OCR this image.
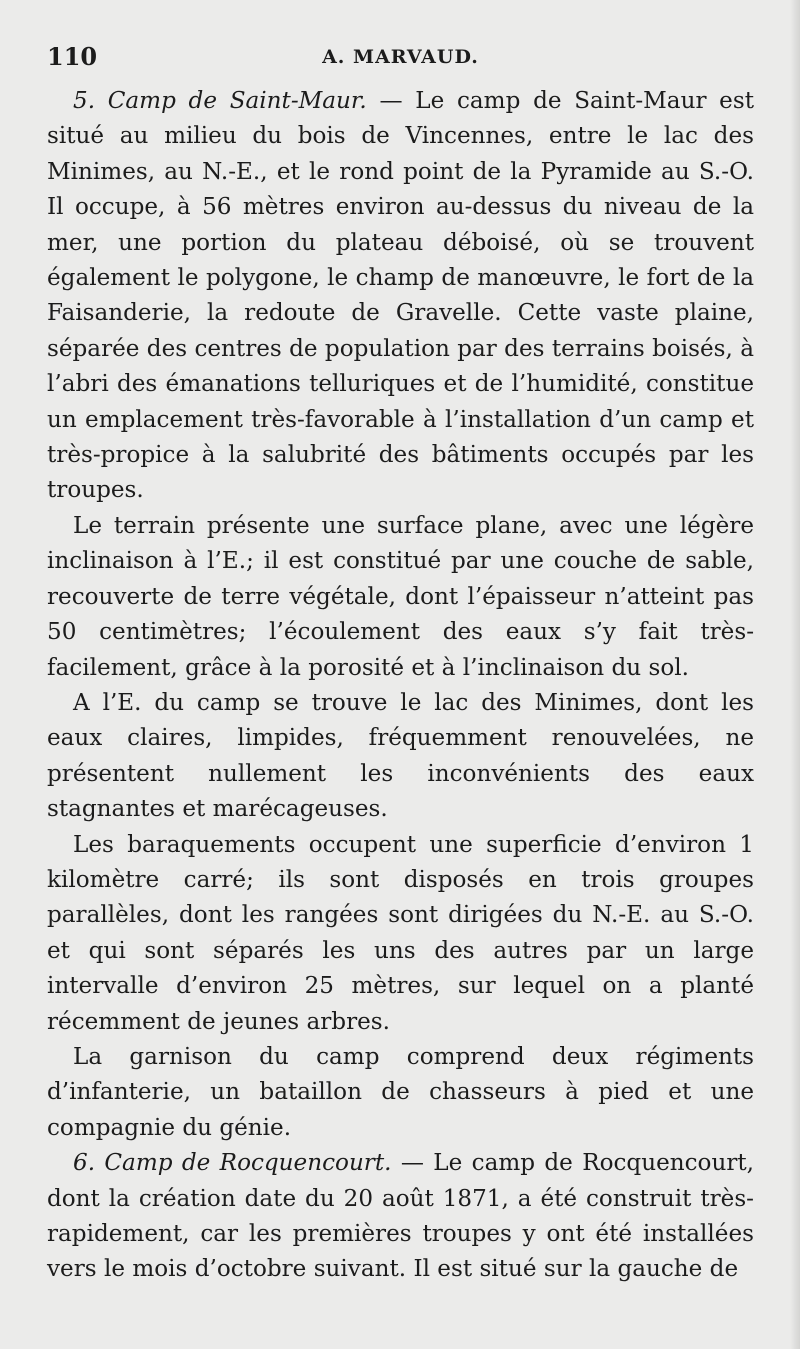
110	A. MARVAUD.

5. Camp de Saint-Maur. — Le camp de Saint-Maur est situé au milieu du bois de Vincennes, entre le lac des Minimes, au N.-E., et le rond point de la Pyramide au S.-O. Il occupe, à 56 mètres environ au-dessus du niveau de la mer, une portion du plateau déboisé, où se trouvent également le polygone, le champ de manœuvre, le fort de la Faisanderie, la redoute de Gravelle. Cette vaste plaine, séparée des centres de population par des terrains boisés, à l’abri des émanations telluriques et de l’humidité, constitue un emplacement très-favorable à l’installation d’un camp et très-propice à la salubrité des bâtiments occupés par les troupes.

Le terrain présente une surface plane, avec une légère inclinaison à l’E.; il est constitué par une couche de sable, recouverte de terre végétale, dont l’épaisseur n’atteint pas 50 centimètres; l’écoulement des eaux s’y fait très-facilement, grâce à la porosité et à l’inclinaison du sol.

A l’E. du camp se trouve le lac des Minimes, dont les eaux claires, limpides, fréquemment renouvelées, ne présentent nullement les inconvénients des eaux stagnantes et marécageuses.

Les baraquements occupent une superficie d’environ 1 kilomètre carré; ils sont disposés en trois groupes parallèles, dont les rangées sont dirigées du N.-E. au S.-O. et qui sont séparés les uns des autres par un large intervalle d’environ 25 mètres, sur lequel on a planté récemment de jeunes arbres.

La garnison du camp comprend deux régiments d’infanterie, un bataillon de chasseurs à pied et une compagnie du génie.

6. Camp de Rocquencourt. — Le camp de Rocquencourt, dont la création date du 20 août 1871, a été construit très-rapidement, car les premières troupes y ont été installées vers le mois d’octobre suivant. Il est situé sur la gauche de
